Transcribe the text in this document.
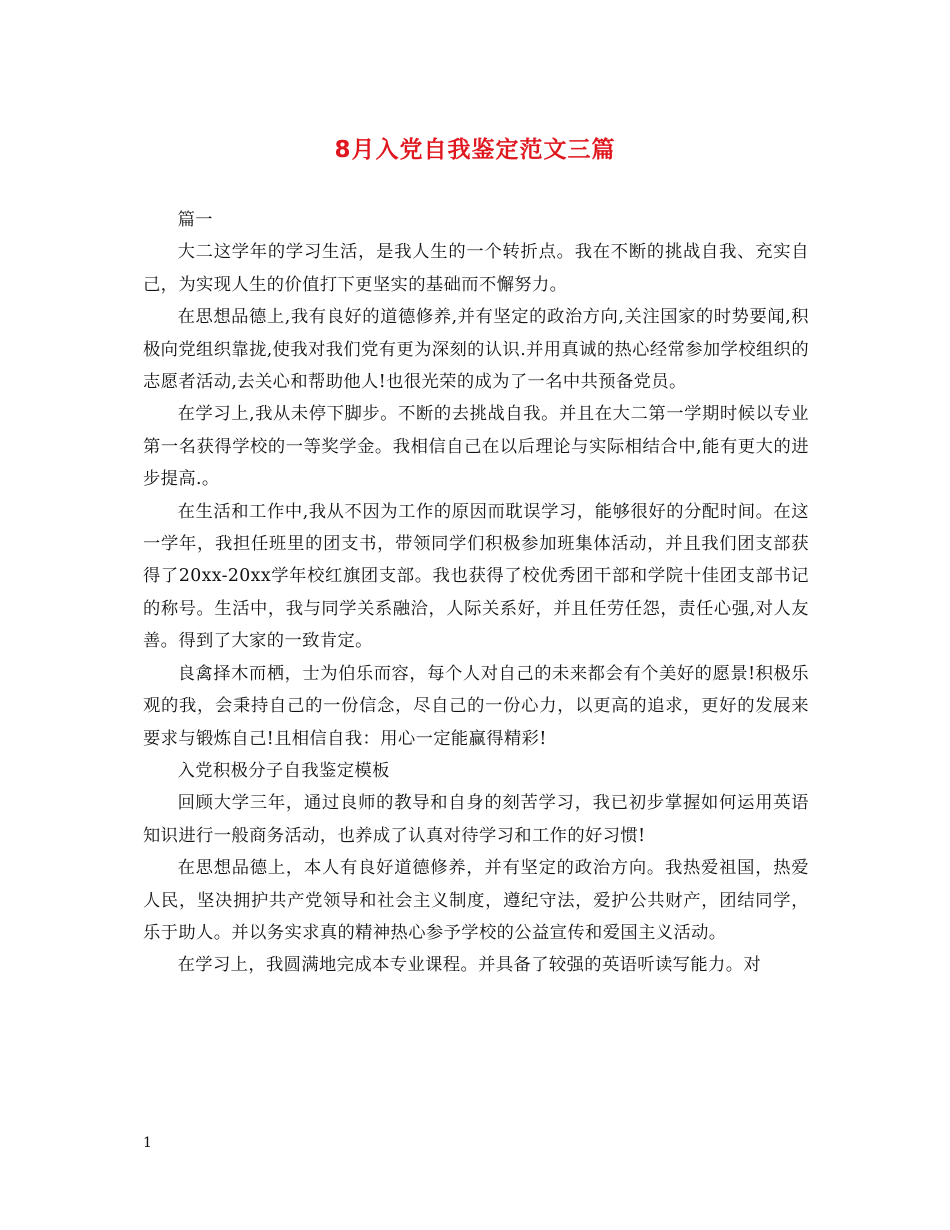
8月入党自我鉴定范文三篇

篇一

大二这学年的学习生活，是我人生的一个转折点。我在不断的挑战自我、充实自己，为实现人生的价值打下更坚实的基础而不懈努力。

在思想品德上,我有良好的道德修养,并有坚定的政治方向,关注国家的时势要闻,积极向党组织靠拢,使我对我们党有更为深刻的认识.并用真诚的热心经常参加学校组织的志愿者活动,去关心和帮助他人!也很光荣的成为了一名中共预备党员。

在学习上,我从未停下脚步。不断的去挑战自我。并且在大二第一学期时候以专业第一名获得学校的一等奖学金。我相信自己在以后理论与实际相结合中,能有更大的进步提高.。

在生活和工作中,我从不因为工作的原因而耽误学习，能够很好的分配时间。在这一学年，我担任班里的团支书，带领同学们积极参加班集体活动，并且我们团支部获得了20xx-20xx学年校红旗团支部。我也获得了校优秀团干部和学院十佳团支部书记的称号。生活中，我与同学关系融洽，人际关系好，并且任劳任怨，责任心强,对人友善。得到了大家的一致肯定。

良禽择木而栖，士为伯乐而容，每个人对自己的未来都会有个美好的愿景!积极乐观的我，会秉持自己的一份信念，尽自己的一份心力，以更高的追求，更好的发展来要求与锻炼自己!且相信自我：用心一定能赢得精彩!

入党积极分子自我鉴定模板

回顾大学三年，通过良师的教导和自身的刻苦学习，我已初步掌握如何运用英语知识进行一般商务活动，也养成了认真对待学习和工作的好习惯!

在思想品德上，本人有良好道德修养，并有坚定的政治方向。我热爱祖国，热爱人民，坚决拥护共产党领导和社会主义制度，遵纪守法，爱护公共财产，团结同学，乐于助人。并以务实求真的精神热心参予学校的公益宣传和爱国主义活动。

在学习上，我圆满地完成本专业课程。并具备了较强的英语听读写能力。对

1
